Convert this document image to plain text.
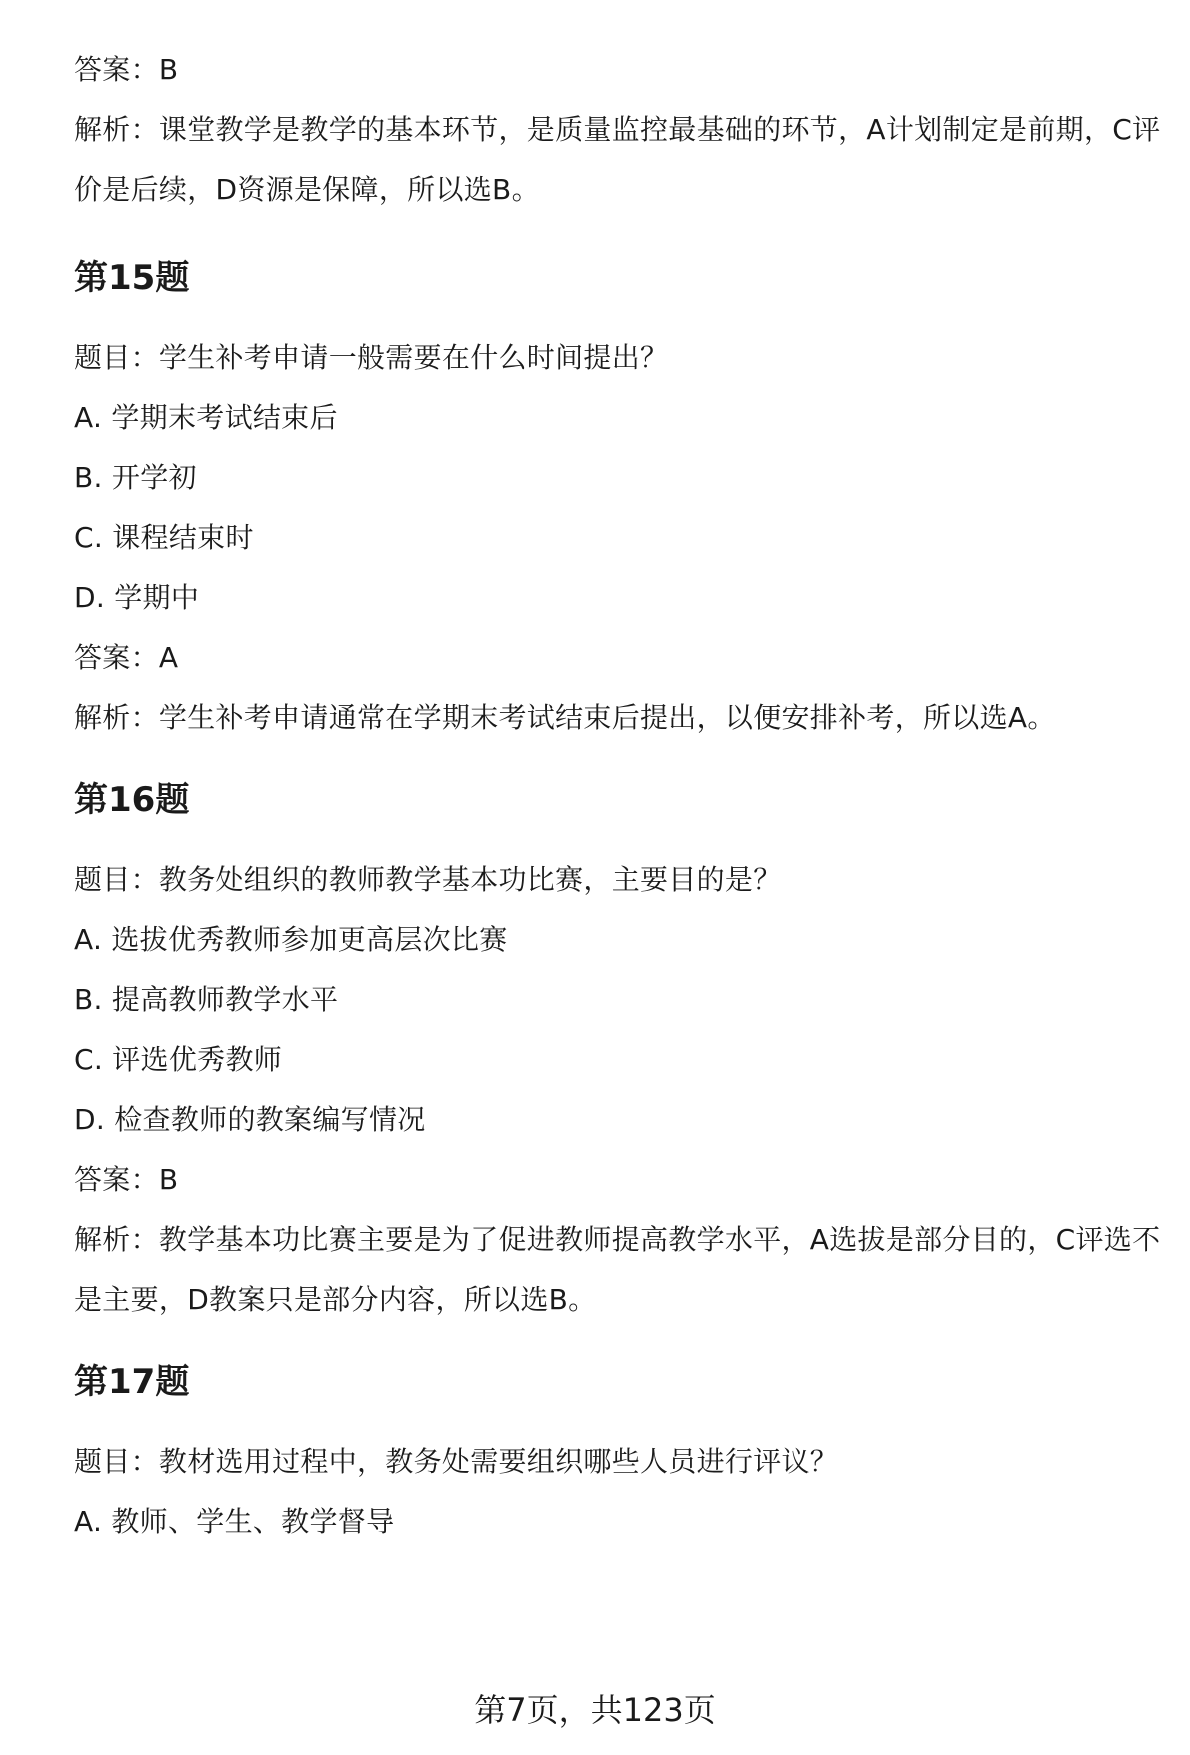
答案：B
解析：课堂教学是教学的基本环节，是质量监控最基础的环节，A计划制定是前期，C评价是后续，D资源是保障，所以选B。
第15题
题目：学生补考申请一般需要在什么时间提出？
A. 学期末考试结束后
B. 开学初
C. 课程结束时
D. 学期中
答案：A
解析：学生补考申请通常在学期末考试结束后提出，以便安排补考，所以选A。
第16题
题目：教务处组织的教师教学基本功比赛，主要目的是？
A. 选拔优秀教师参加更高层次比赛
B. 提高教师教学水平
C. 评选优秀教师
D. 检查教师的教案编写情况
答案：B
解析：教学基本功比赛主要是为了促进教师提高教学水平，A选拔是部分目的，C评选不是主要，D教案只是部分内容，所以选B。
第17题
题目：教材选用过程中，教务处需要组织哪些人员进行评议？
A. 教师、学生、教学督导
第7页，共123页
